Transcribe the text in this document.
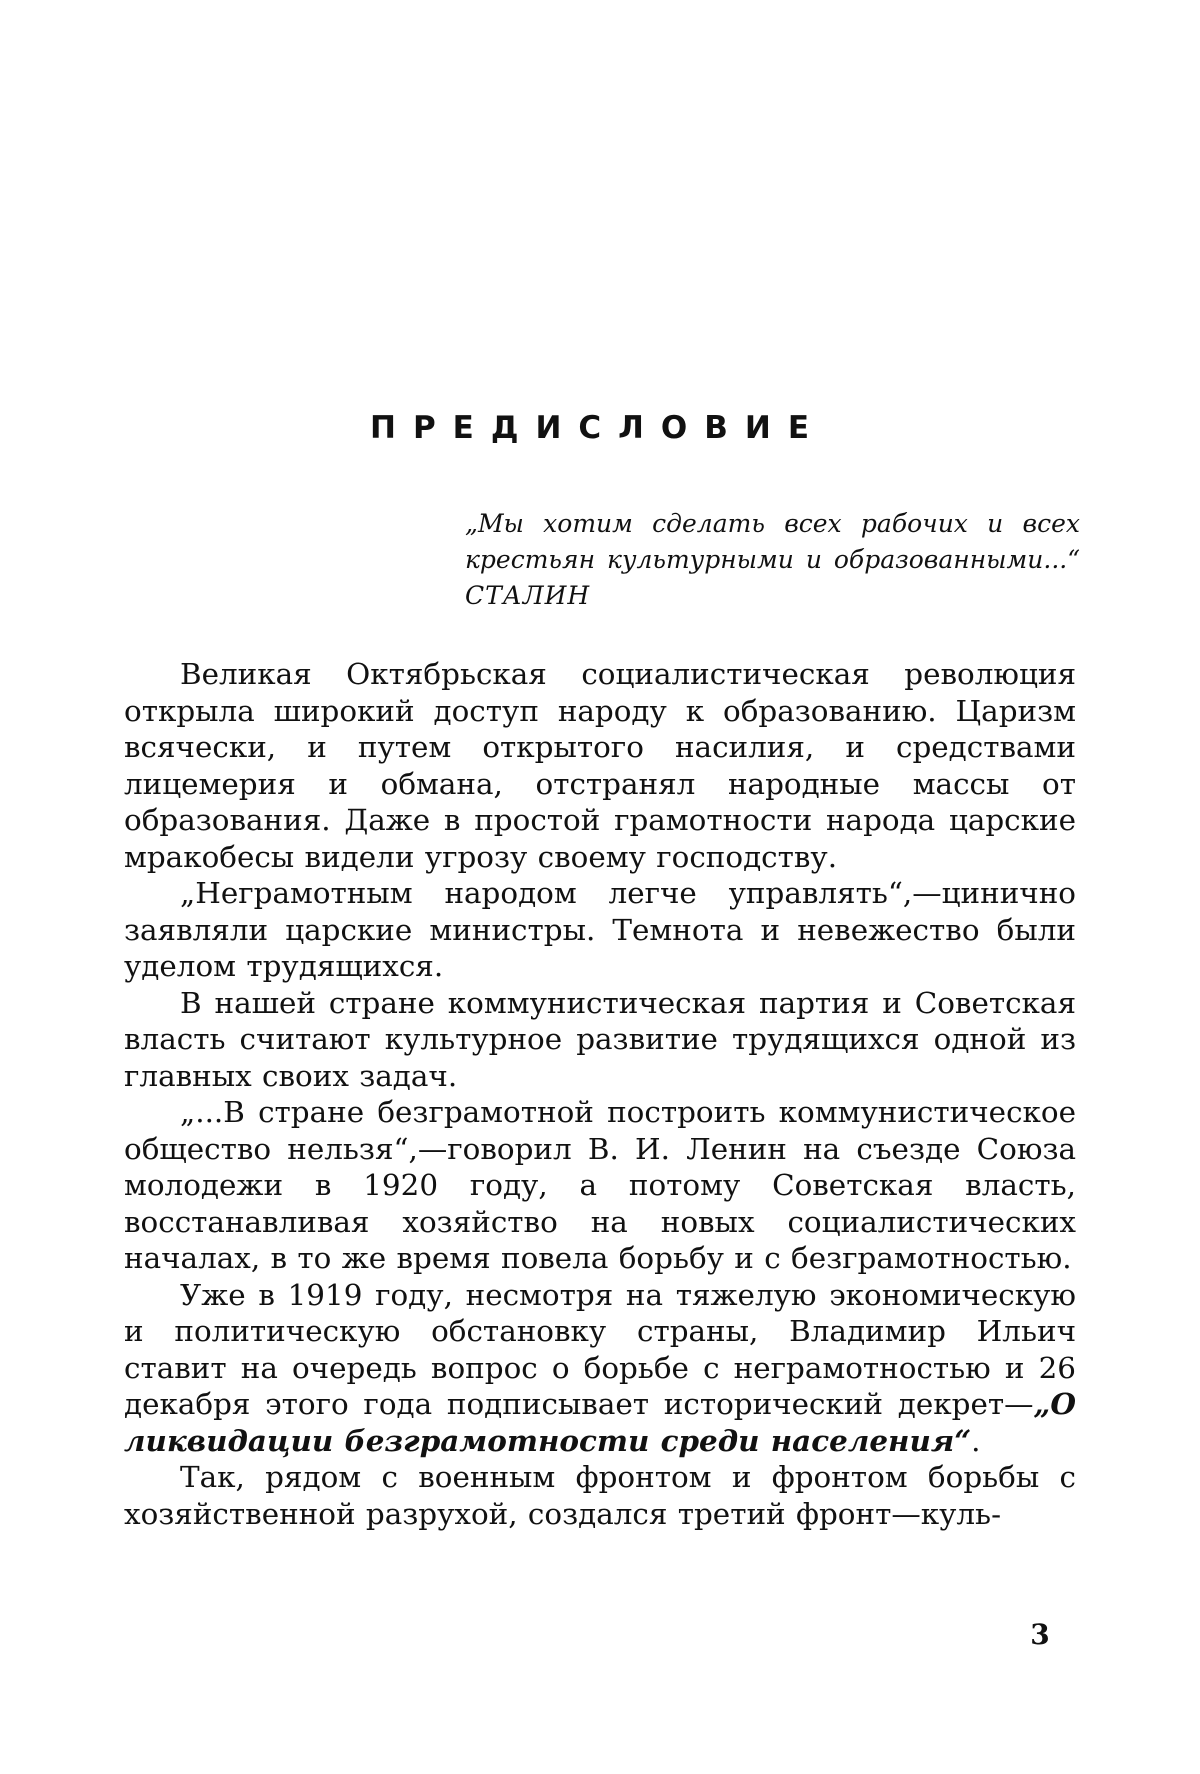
ПРЕДИСЛОВИЕ
„Мы хотим сделать всех рабочих и всех крестьян культурными и образованными...“ СТАЛИН

Великая Октябрьская социалистическая революция открыла широкий доступ народу к образованию. Царизм всячески, и путем открытого насилия, и средствами лицемерия и обмана, отстранял народные массы от образования. Даже в простой грамотности народа царские мракобесы видели угрозу своему господству.

„Неграмотным народом легче управлять“,—цинично заявляли царские министры. Темнота и невежество были уделом трудящихся.

В нашей стране коммунистическая партия и Советская власть считают культурное развитие трудящихся одной из главных своих задач.

„...В стране безграмотной построить коммунистическое общество нельзя“,—говорил В. И. Ленин на съезде Союза молодежи в 1920 году, а потому Советская власть, восстанавливая хозяйство на новых социалистических началах, в то же время повела борьбу и с безграмотностью.

Уже в 1919 году, несмотря на тяжелую экономическую и политическую обстановку страны, Владимир Ильич ставит на очередь вопрос о борьбе с неграмотностью и 26 декабря этого года подписывает исторический декрет—„О ликвидации безграмотности среди населения“.

Так, рядом с военным фронтом и фронтом борьбы с хозяйственной разрухой, создался третий фронт—куль-

3
